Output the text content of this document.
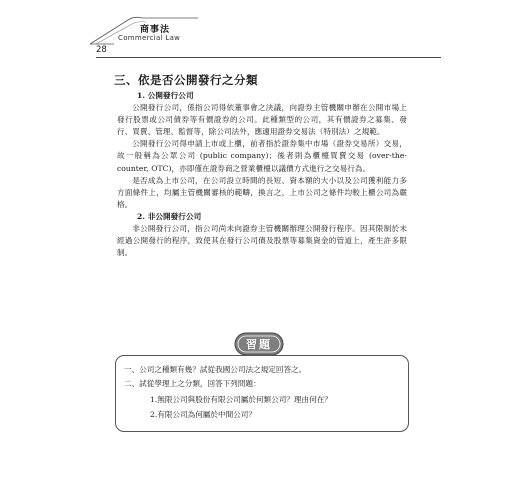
商事法
Commercial Law
28
三、依是否公開發行之分類
1. 公開發行公司

公開發行公司，係指公司得依董事會之決議，向證券主管機關申辦在公開市場上發行股票或公司債券等有價證券的公司。此種類型的公司，其有價證券之募集、發行、買賣、管理、監督等，除公司法外，應適用證券交易法（特別法）之規範。

公開發行公司得申請上市或上櫃，前者指於證券集中市場（證券交易所）交易，故一般稱為公眾公司 (public company)；後者則為櫃檯買賣交易 (over-the-counter, OTC)，亦即僅在證券商之營業櫃檯以議價方式進行之交易行為。

是否成為上市公司，在公司設立時間的長短、資本額的大小以及公司獲利能力多方面條件上，均屬主管機關審核的範疇，換言之，上市公司之條件均較上櫃公司為嚴格。

2. 非公開發行公司

非公開發行公司，指公司尚未向證券主管機關辦理公開發行程序。因其限制於未經過公開發行的程序，致使其在發行公司債及股票等募集資金的管道上，產生許多限制。

習題
一、公司之種類有幾？試從我國公司法之規定回答之。
二、試從學理上之分類，回答下列問題：
1.無限公司與股份有限公司屬於何類公司？理由何在？
2.有限公司為何屬於中間公司？
